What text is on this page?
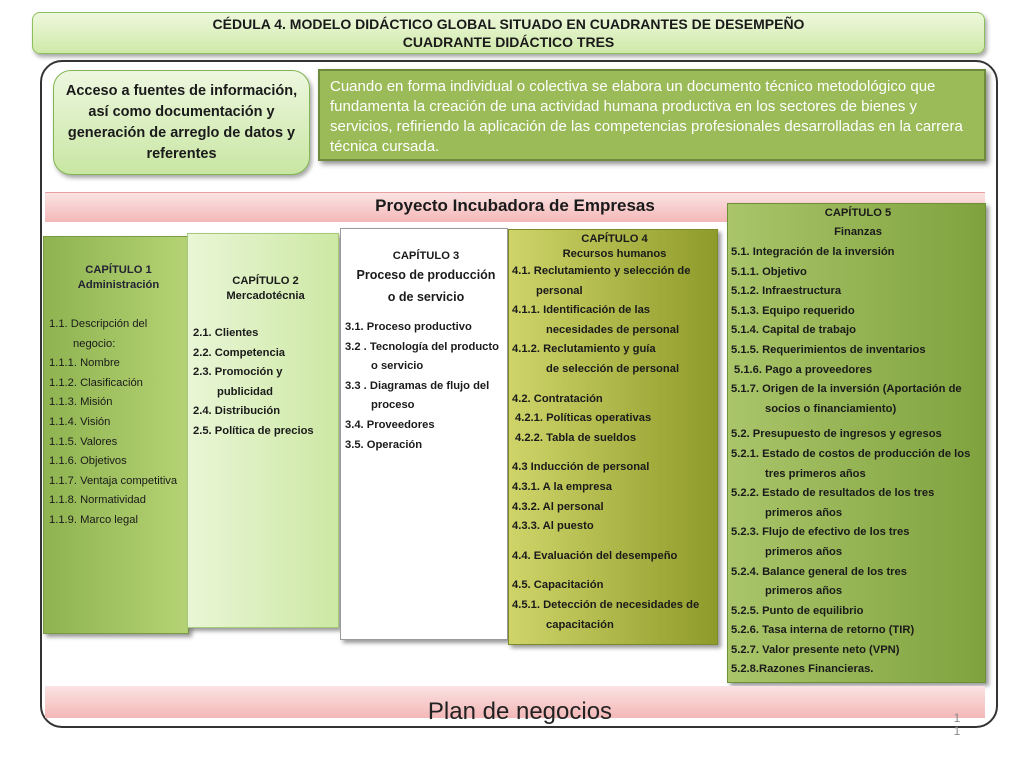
CÉDULA 4. MODELO DIDÁCTICO GLOBAL SITUADO EN CUADRANTES DE DESEMPEÑO
CUADRANTE DIDÁCTICO TRES
Acceso a fuentes de información, así como documentación y generación de arreglo de datos y referentes
Cuando en forma individual o colectiva se elabora un documento técnico metodológico que fundamenta la creación de una actividad humana productiva en los sectores de bienes y servicios, refiriendo la aplicación de las competencias profesionales desarrolladas en la carrera técnica cursada.
Proyecto Incubadora de Empresas
CAPÍTULO 1
Administración
1.1. Descripción del
negocio:
1.1.1. Nombre
1.1.2. Clasificación
1.1.3. Misión
1.1.4. Visión
1.1.5. Valores
1.1.6. Objetivos
1.1.7. Ventaja competitiva
1.1.8. Normatividad
1.1.9. Marco legal
CAPÍTULO 2
Mercadotécnia
2.1. Clientes
2.2. Competencia
2.3. Promoción y
publicidad
2.4. Distribución
2.5. Política de precios
CAPÍTULO 3
Proceso de producción
o de servicio
3.1. Proceso productivo
3.2 . Tecnología del producto
o servicio
3.3 . Diagramas de flujo del
proceso
3.4. Proveedores
3.5. Operación
CAPÍTULO 4
Recursos humanos
4.1. Reclutamiento y selección de
personal
4.1.1. Identificación de las
necesidades de personal
4.1.2. Reclutamiento y guía
de selección de personal
4.2. Contratación
4.2.1. Políticas operativas
4.2.2. Tabla de sueldos
4.3 Inducción de personal
4.3.1. A la empresa
4.3.2. Al personal
4.3.3. Al puesto
4.4. Evaluación del desempeño
4.5. Capacitación
4.5.1. Detección de necesidades de
capacitación
CAPÍTULO 5
Finanzas
5.1. Integración de la inversión
5.1.1. Objetivo
5.1.2. Infraestructura
5.1.3. Equipo requerido
5.1.4. Capital de trabajo
5.1.5. Requerimientos de inventarios
5.1.6. Pago a proveedores
5.1.7. Origen de la inversión (Aportación de
socios o financiamiento)
5.2. Presupuesto de ingresos y egresos
5.2.1. Estado de costos de producción de los
tres primeros años
5.2.2. Estado de resultados de los tres
primeros años
5.2.3. Flujo de efectivo de los tres
primeros años
5.2.4. Balance general de los tres
primeros años
5.2.5. Punto de equilibrio
5.2.6. Tasa interna de retorno (TIR)
5.2.7. Valor presente neto (VPN)
5.2.8.Razones Financieras.
Plan de negocios	1
1
